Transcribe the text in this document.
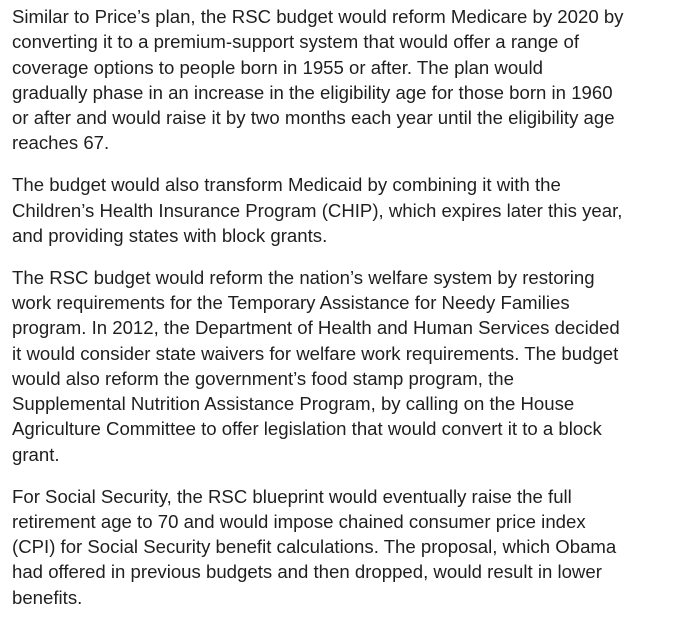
Similar to Price’s plan, the RSC budget would reform Medicare by 2020 by
converting it to a premium-support system that would offer a range of
coverage options to people born in 1955 or after. The plan would
gradually phase in an increase in the eligibility age for those born in 1960
or after and would raise it by two months each year until the eligibility age
reaches 67.

The budget would also transform Medicaid by combining it with the
Children’s Health Insurance Program (CHIP), which expires later this year,
and providing states with block grants.

The RSC budget would reform the nation’s welfare system by restoring
work requirements for the Temporary Assistance for Needy Families
program. In 2012, the Department of Health and Human Services decided
it would consider state waivers for welfare work requirements. The budget
would also reform the government’s food stamp program, the
Supplemental Nutrition Assistance Program, by calling on the House
Agriculture Committee to offer legislation that would convert it to a block
grant.

For Social Security, the RSC blueprint would eventually raise the full
retirement age to 70 and would impose chained consumer price index
(CPI) for Social Security benefit calculations. The proposal, which Obama
had offered in previous budgets and then dropped, would result in lower
benefits.
